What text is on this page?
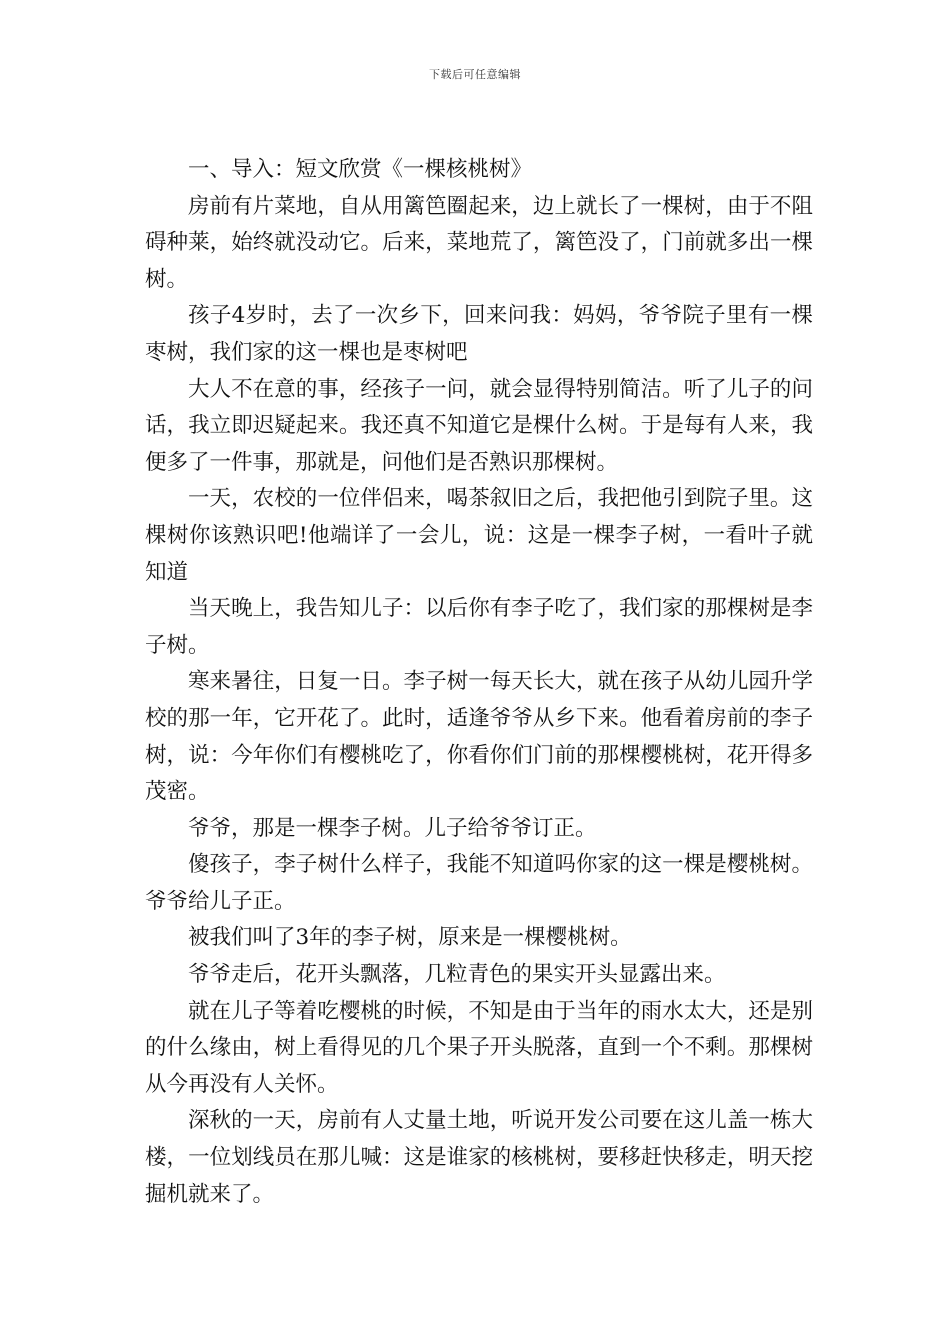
下载后可任意编辑

一、导入：短文欣赏《一棵核桃树》

房前有片菜地，自从用篱笆圈起来，边上就长了一棵树，由于不阻碍种莱，始终就没动它。后来，菜地荒了，篱笆没了，门前就多出一棵树。

孩子4岁时，去了一次乡下，回来问我：妈妈，爷爷院子里有一棵枣树，我们家的这一棵也是枣树吧

大人不在意的事，经孩子一问，就会显得特别简洁。听了儿子的问话，我立即迟疑起来。我还真不知道它是棵什么树。于是每有人来，我便多了一件事，那就是，问他们是否熟识那棵树。

一天，农校的一位伴侣来，喝茶叙旧之后，我把他引到院子里。这棵树你该熟识吧!他端详了一会儿，说：这是一棵李子树，一看叶子就知道

当天晚上，我告知儿子：以后你有李子吃了，我们家的那棵树是李子树。

寒来暑往，日复一日。李子树一每天长大，就在孩子从幼儿园升学校的那一年，它开花了。此时，适逢爷爷从乡下来。他看着房前的李子树，说：今年你们有樱桃吃了，你看你们门前的那棵樱桃树，花开得多茂密。

爷爷，那是一棵李子树。儿子给爷爷订正。

傻孩子，李子树什么样子，我能不知道吗你家的这一棵是樱桃树。爷爷给儿子正。

被我们叫了3年的李子树，原来是一棵樱桃树。

爷爷走后，花开头飘落，几粒青色的果实开头显露出来。

就在儿子等着吃樱桃的时候，不知是由于当年的雨水太大，还是别的什么缘由，树上看得见的几个果子开头脱落，直到一个不剩。那棵树从今再没有人关怀。

深秋的一天，房前有人丈量土地，听说开发公司要在这儿盖一栋大楼，一位划线员在那儿喊：这是谁家的核桃树，要移赶快移走，明天挖掘机就来了。
